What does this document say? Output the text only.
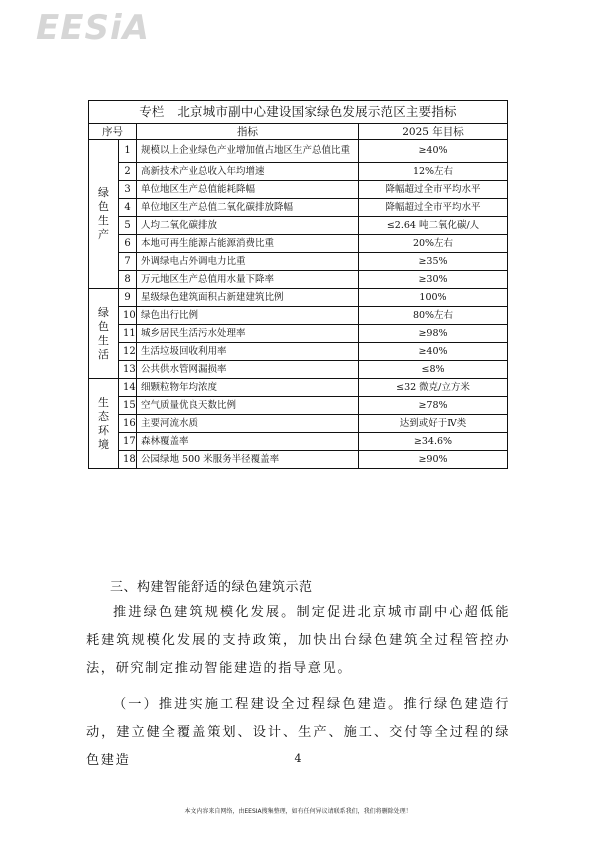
EESiA
专栏　北京城市副中心建设国家绿色发展示范区主要指标			
序号		指标	2025 年目标
绿色
生产	1	规模以上企业绿色产业增加值占地区生产总值比重	≥40%
	2	高新技术产业总收入年均增速	12%左右
	3	单位地区生产总值能耗降幅	降幅超过全市平均水平
	4	单位地区生产总值二氧化碳排放降幅	降幅超过全市平均水平
	5	人均二氧化碳排放	≤2.64 吨二氧化碳/人
	6	本地可再生能源占能源消费比重	20%左右
	7	外调绿电占外调电力比重	≥35%
	8	万元地区生产总值用水量下降率	≥30%
绿色
生活	9	星级绿色建筑面积占新建建筑比例	100%
	10	绿色出行比例	80%左右
	11	城乡居民生活污水处理率	≥98%
	12	生活垃圾回收利用率	≥40%
	13	公共供水管网漏损率	≤8%
生态
环境	14	细颗粒物年均浓度	≤32 微克/立方米
	15	空气质量优良天数比例	≥78%
	16	主要河流水质	达到或好于Ⅳ类
	17	森林覆盖率	≥34.6%
	18	公园绿地 500 米服务半径覆盖率	≥90%
三、构建智能舒适的绿色建筑示范
推进绿色建筑规模化发展。制定促进北京城市副中心超低能耗建筑规模化发展的支持政策，加快出台绿色建筑全过程管控办法，研究制定推动智能建造的指导意见。
（一）推进实施工程建设全过程绿色建造。推行绿色建造行动，建立健全覆盖策划、设计、生产、施工、交付等全过程的绿色建造	4
本文内容来自网络，由EESIA搜集整理，如有任何异议请联系我们，我们将删除处理！
